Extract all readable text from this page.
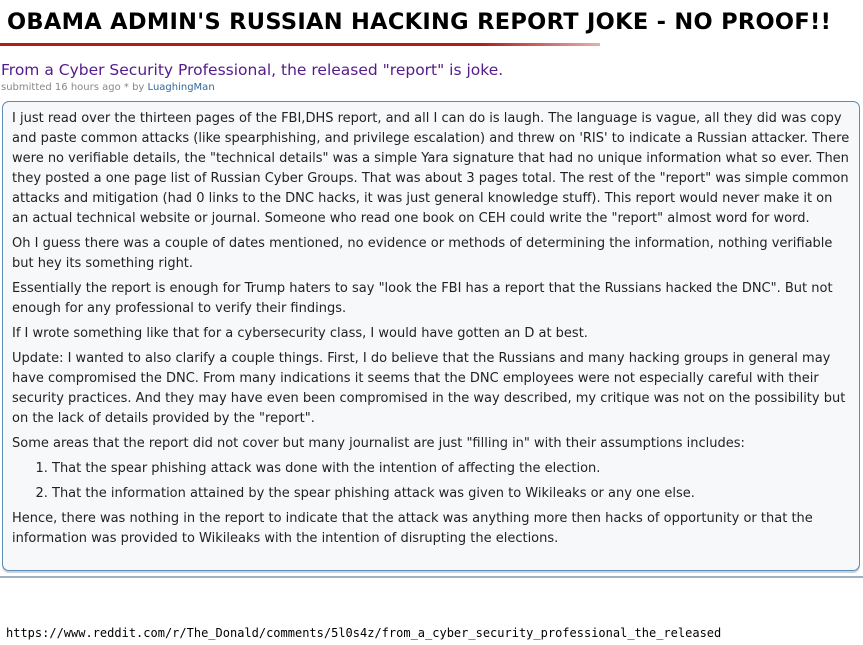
OBAMA ADMIN'S RUSSIAN HACKING REPORT JOKE - NO PROOF!!
From a Cyber Security Professional, the released "report" is joke.
submitted 16 hours ago * by LuaghingMan

I just read over the thirteen pages of the FBI,DHS report, and all I can do is laugh. The language is vague, all they did was copy and paste common attacks (like spearphishing, and privilege escalation) and threw on 'RIS' to indicate a Russian attacker. There were no verifiable details, the "technical details" was a simple Yara signature that had no unique information what so ever. Then they posted a one page list of Russian Cyber Groups. That was about 3 pages total. The rest of the "report" was simple common attacks and mitigation (had 0 links to the DNC hacks, it was just general knowledge stuff). This report would never make it on an actual technical website or journal. Someone who read one book on CEH could write the "report" almost word for word.

Oh I guess there was a couple of dates mentioned, no evidence or methods of determining the information, nothing verifiable but hey its something right.

Essentially the report is enough for Trump haters to say "look the FBI has a report that the Russians hacked the DNC". But not enough for any professional to verify their findings.

If I wrote something like that for a cybersecurity class, I would have gotten an D at best.

Update: I wanted to also clarify a couple things. First, I do believe that the Russians and many hacking groups in general may have compromised the DNC. From many indications it seems that the DNC employees were not especially careful with their security practices. And they may have even been compromised in the way described, my critique was not on the possibility but on the lack of details provided by the "report".

Some areas that the report did not cover but many journalist are just "filling in" with their assumptions includes:

1. That the spear phishing attack was done with the intention of affecting the election.
2. That the information attained by the spear phishing attack was given to Wikileaks or any one else.

Hence, there was nothing in the report to indicate that the attack was anything more then hacks of opportunity or that the information was provided to Wikileaks with the intention of disrupting the elections.

https://www.reddit.com/r/The_Donald/comments/5l0s4z/from_a_cyber_security_professional_the_released
